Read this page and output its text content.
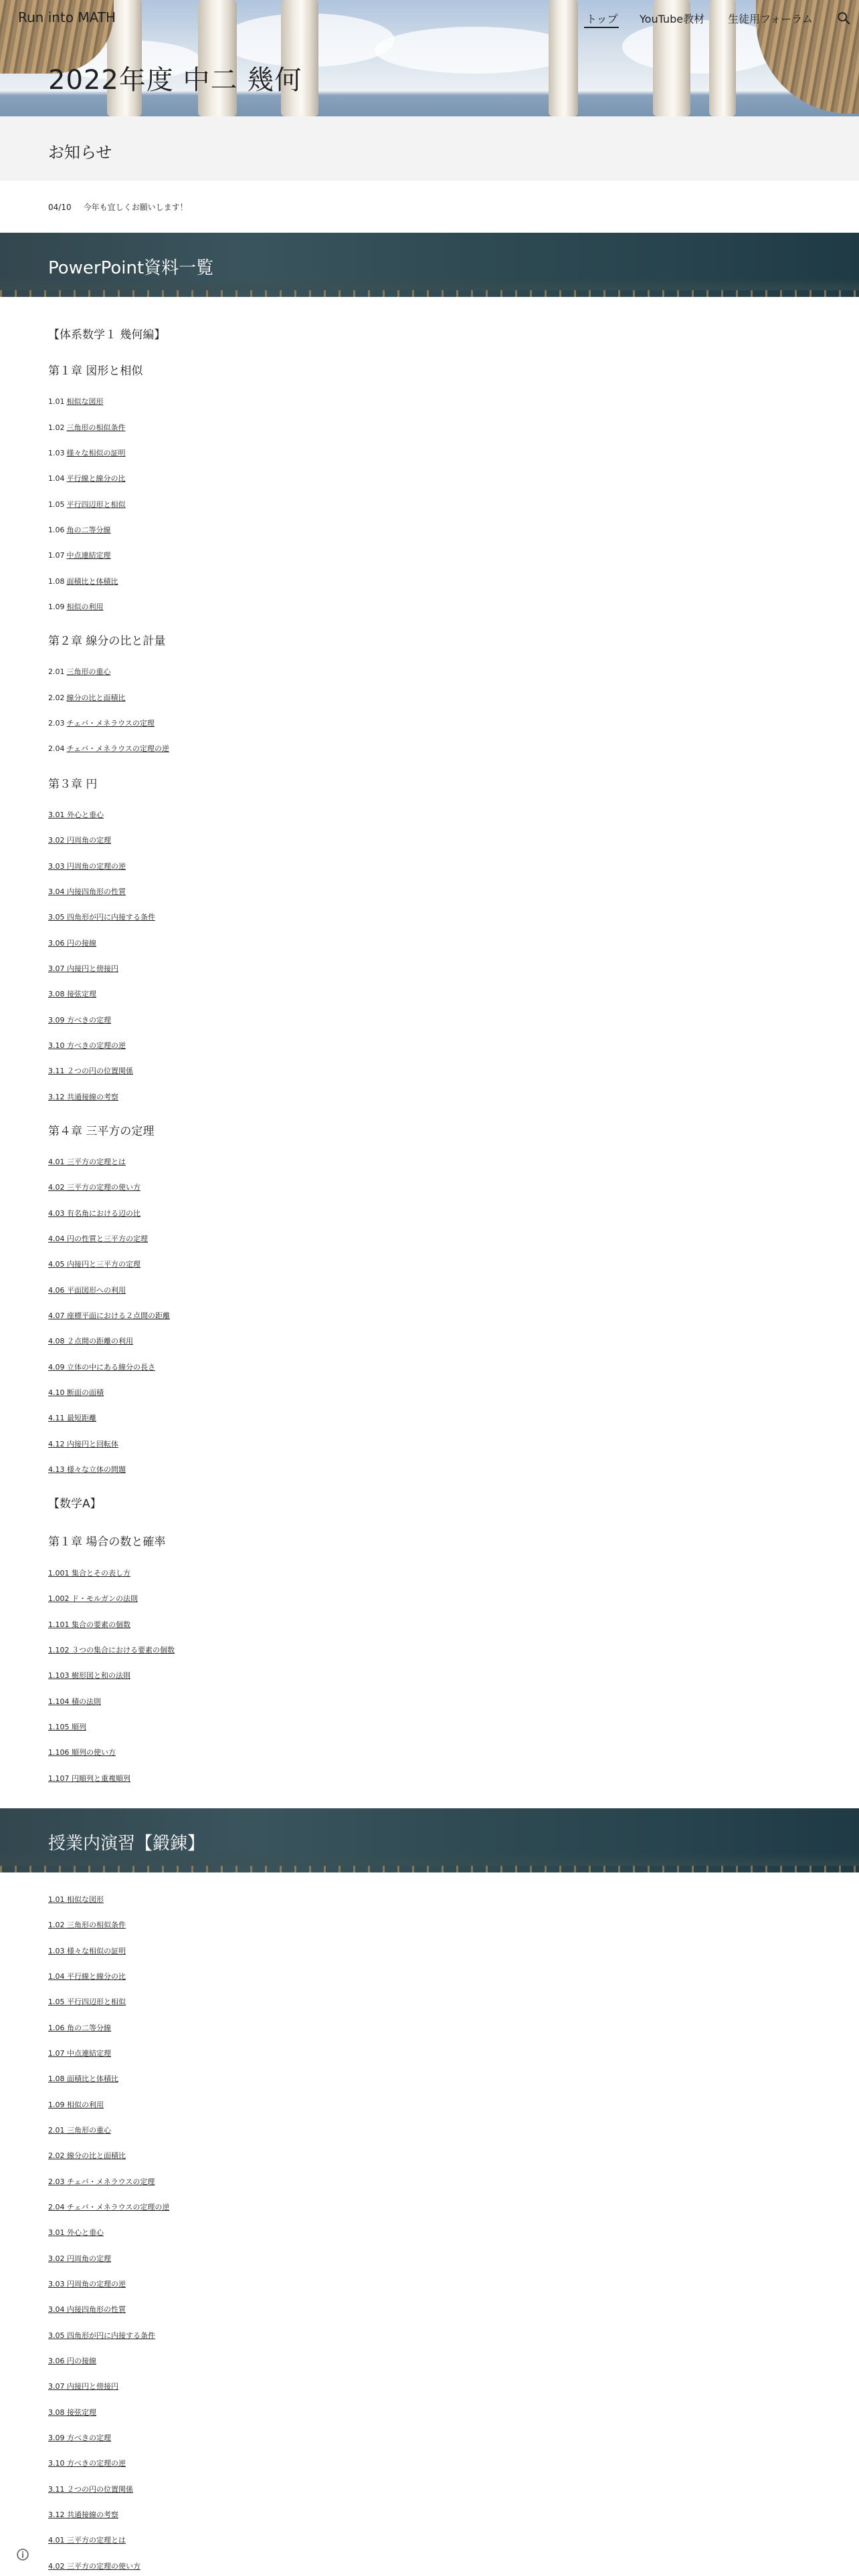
Run into MATH	トップ YouTube教材 生徒用フォーラム
2022年度 中二 幾何
お知らせ
04/10 今年も宜しくお願いします！
PowerPoint資料一覧
【体系数学１ 幾何編】
第１章 図形と相似
1.01 相似な図形
1.02 三角形の相似条件
1.03 様々な相似の証明
1.04 平行線と線分の比
1.05 平行四辺形と相似
1.06 角の二等分線
1.07 中点連結定理
1.08 面積比と体積比
1.09 相似の利用
第２章 線分の比と計量
2.01 三角形の重心
2.02 線分の比と面積比
2.03 チェバ・メネラウスの定理
2.04 チェバ・メネラウスの定理の逆
第３章 円
3.01 外心と垂心
3.02 円周角の定理
3.03 円周角の定理の逆
3.04 内接四角形の性質
3.05 四角形が円に内接する条件
3.06 円の接線
3.07 内接円と傍接円
3.08 接弦定理
3.09 方べきの定理
3.10 方べきの定理の逆
3.11 ２つの円の位置関係
3.12 共通接線の考察
第４章 三平方の定理
4.01 三平方の定理とは
4.02 三平方の定理の使い方
4.03 有名角における辺の比
4.04 円の性質と三平方の定理
4.05 内接円と三平方の定理
4.06 平面図形への利用
4.07 座標平面における２点間の距離
4.08 ２点間の距離の利用
4.09 立体の中にある線分の長さ
4.10 断面の面積
4.11 最短距離
4.12 内接円と回転体
4.13 様々な立体の問題
【数学A】
第１章 場合の数と確率
1.001 集合とその表し方
1.002 ド・モルガンの法則
1.101 集合の要素の個数
1.102 ３つの集合における要素の個数
1.103 樹形図と和の法則
1.104 積の法則
1.105 順列
1.106 順列の使い方
1.107 円順列と重複順列
授業内演習【鍛錬】
1.01 相似な図形
1.02 三角形の相似条件
1.03 様々な相似の証明
1.04 平行線と線分の比
1.05 平行四辺形と相似
1.06 角の二等分線
1.07 中点連結定理
1.08 面積比と体積比
1.09 相似の利用
2.01 三角形の重心
2.02 線分の比と面積比
2.03 チェバ・メネラウスの定理
2.04 チェバ・メネラウスの定理の逆
3.01 外心と垂心
3.02 円周角の定理
3.03 円周角の定理の逆
3.04 内接四角形の性質
3.05 四角形が円に内接する条件
3.06 円の接線
3.07 内接円と傍接円
3.08 接弦定理
3.09 方べきの定理
3.10 方べきの定理の逆
3.11 ２つの円の位置関係
3.12 共通接線の考察
4.01 三平方の定理とは
4.02 三平方の定理の使い方
